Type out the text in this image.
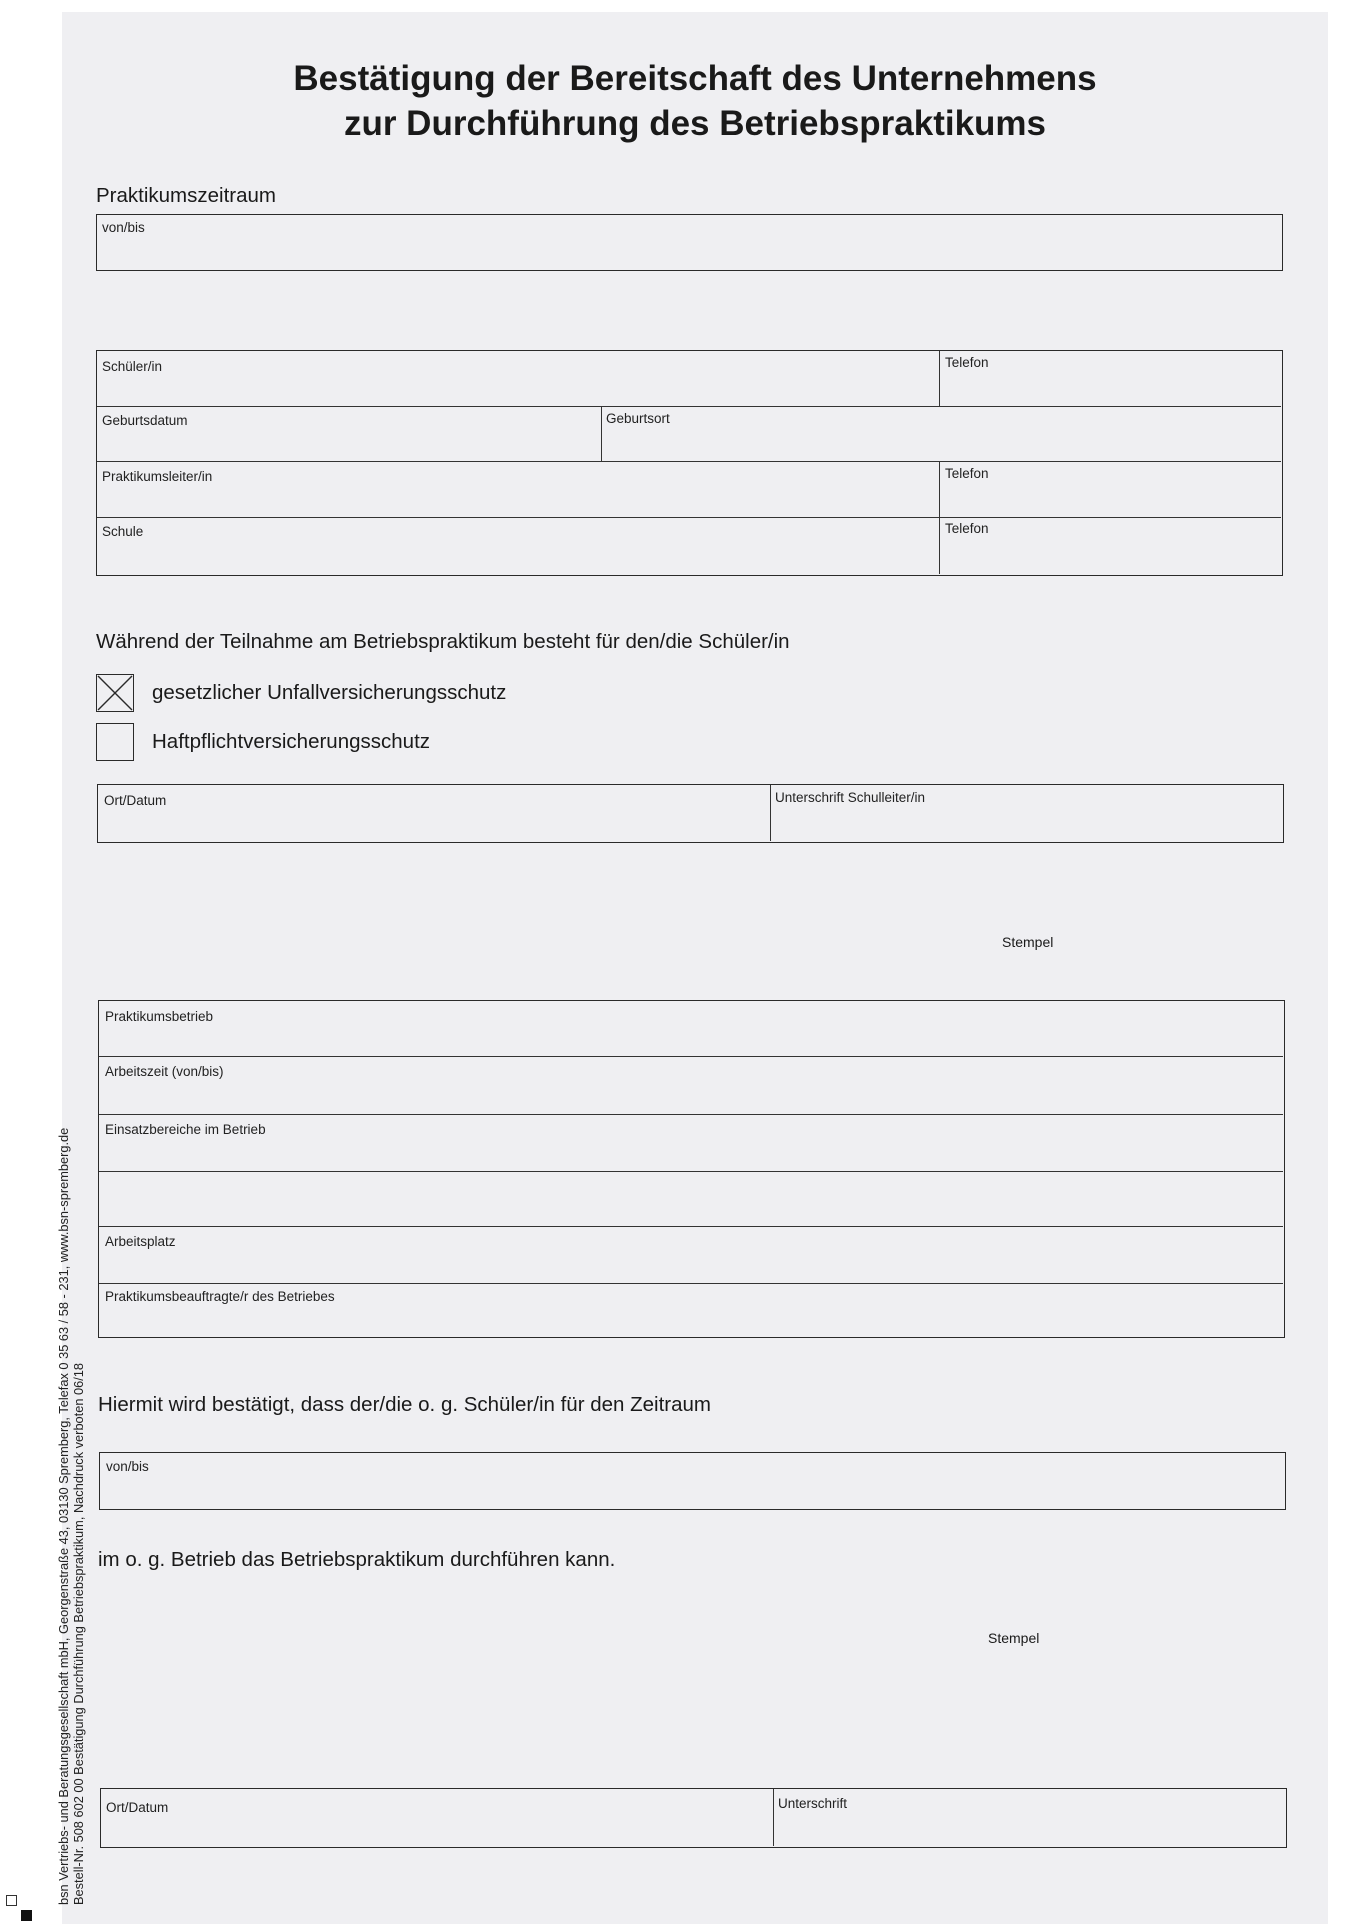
Bestätigung der Bereitschaft des Unternehmens
zur Durchführung des Betriebspraktikums
Praktikumszeitraum
von/bis
Schüler/in	Telefon
Geburtsdatum	Geburtsort
Praktikumsleiter/in	Telefon
Schule	Telefon
Während der Teilnahme am Betriebspraktikum besteht für den/die Schüler/in
gesetzlicher Unfallversicherungsschutz
Haftpflichtversicherungsschutz
Ort/Datum	Unterschrift Schulleiter/in
Stempel
Praktikumsbetrieb
Arbeitszeit (von/bis)
Einsatzbereiche im Betrieb
Arbeitsplatz
Praktikumsbeauftragte/r des Betriebes
Hiermit wird bestätigt, dass der/die o. g. Schüler/in für den Zeitraum
von/bis
im o. g. Betrieb das Betriebspraktikum durchführen kann.
Stempel
Ort/Datum	Unterschrift
bsn Vertriebs- und Beratungsgesellschaft mbH, Georgenstraße 43, 03130 Spremberg, Telefax 0 35 63 / 58 - 231, www.bsn-spremberg.de Bestell-Nr. 508 602 00 Bestätigung Durchführung Betriebspraktikum, Nachdruck verboten 06/18
